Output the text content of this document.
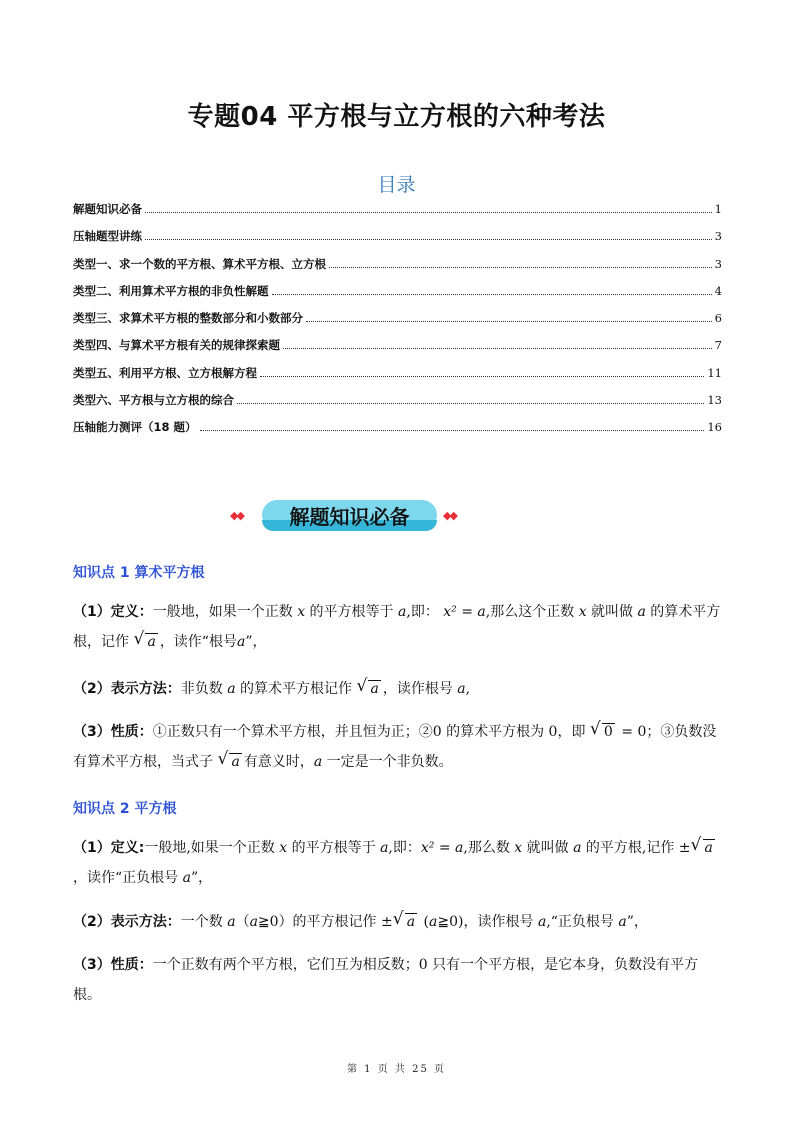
专题04 平方根与立方根的六种考法
目录
解题知识必备	1
压轴题型讲练	3
类型一、求一个数的平方根、算术平方根、立方根	3
类型二、利用算术平方根的非负性解题	4
类型三、求算术平方根的整数部分和小数部分	6
类型四、与算术平方根有关的规律探索题	7
类型五、利用平方根、立方根解方程	11
类型六、平方根与立方根的综合	13
压轴能力测评（18 题）	16
◆◆	解题知识必备	◆◆
知识点 1 算术平方根
（1）定义：一般地，如果一个正数 x 的平方根等于 a,即： x² = a,那么这个正数 x 就叫做 a 的算术平方根，记作 √ a ，读作“根号a”，
（2）表示方法：非负数 a 的算术平方根记作 √ a ，读作根号 a,
（3）性质：①正数只有一个算术平方根，并且恒为正；②0 的算术平方根为 0，即 √ 0 = 0；③负数没有算术平方根，当式子 √ a 有意义时，a 一定是一个非负数。
知识点 2 平方根
（1）定义:一般地,如果一个正数 x 的平方根等于 a,即：x² = a,那么数 x 就叫做 a 的平方根,记作 ± √ a，读作“正负根号 a”，
（2）表示方法：一个数 a（a≧0）的平方根记作 ± √ a (a≧0)，读作根号 a,“正负根号 a”，
（3）性质：一个正数有两个平方根，它们互为相反数；0 只有一个平方根，是它本身，负数没有平方根。
第 1 页 共 25 页
